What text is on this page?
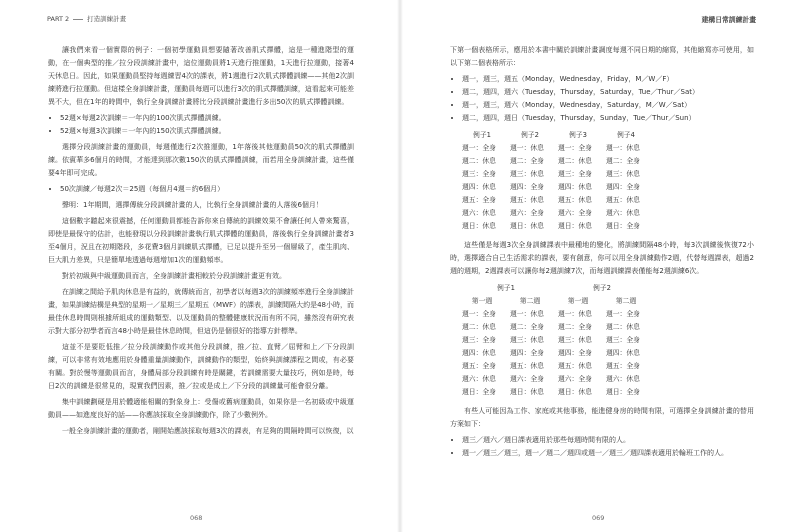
PART 2	打造訓練計畫

讓我們來看一個實際的例子：一個初學運動員想要隨著改善肌式擇體，這是一種進階型的運動，在一個典型的推／拉分段訓練計畫中，這位運動員將1天進行推運動，1天進行拉運動，接著4天休息日。因此，如果運動員堅持每週練習4次的課表，將1週進行2次肌式擇體訓練——其他2次訓練將進行拉運動。但這樣全身訓練計畫，運動員每週可以進行3次的肌式擇體訓練，這看起來可能差異不大，但在1年的時間中，執行全身訓練計畫將比分段訓練計畫進行多出50次的肌式擇體訓練。

• 52週×每週2次訓練＝一年內的100次肌式擇體訓練。
• 52週×每週3次訓練＝一年內的150次肌式擇體訓練。

選擇分段訓練計畫的運動員，每週僅進行2次推運動，1年落後其他運動員50次的肌式擇體訓練。依賓華多6個月的時間，才能達到那次數150次的肌式擇體訓練，而若用全身訓練計畫，這些僅要4年即可完成。

• 50次訓練／每週2次＝25週（每個月4週＝約6個月）

聲明：1年期間，選擇傳統分段訓練計畫的人，比執行全身訓練計畫的人落後6個月！

這個數字聽起來很震撼，任何運動員都能告訴你來自傳統的訓練效果不會讓任何人帶來驚喜，即使是最保守的估計，也能發現以分段訓練計畫執行肌式擇體的運動員，落後執行全身訓練計畫者3至4個月，況且在初期階段，多花費3個月訓練肌式擇體，已足以提升至另一個層級了，產生肌肉、巨大肌力差異，只是簡單地透過每週增加1次的運動頻率。

對於初級與中級運動員而言，全身訓練計畫相較於分段訓練計畫更有效。

在訓練之間給予肌肉休息是有益的，就傳統而言，初學者以每週3次的訓練頻率進行全身訓練計畫，如果訓練結構是典型的星期一／星期三／星期五（MWF）的課表，訓練間隔大約是48小時，而最佳休息時間則根據所組成的運動類型、以及運動員的整體健康狀況而有所不同，雖然沒有研究表示對大部分初學者而言48小時是最佳休息時間，但這仍是個很好的指導方針標準。

這並不是要貶低推／拉分段訓練動作或其他分段訓練，推／拉、直臂／屈臂和上／下分段訓練，可以非常有效地應用於身體重量訓練動作，訓練動作的類型，始終與訓練課程之間或，有必要有關。對於慢等運動員而言，身體局部分段訓練有時是關鍵，若訓練需要大量技巧，例如是時，每日2次的訓練是很常見的，現實我們因素，推／拉或是成上／下分段的訓練量可能會很分離。

集中訓練劃硬是用於體適能相關的對象身上：受傷或舊病運動員，如果你是一名初級或中級運動員——如進度良好的話——你應該採取全身訓練動作，除了少數例外。

一般全身訓練計畫的運動者，剛開始應該採取每週3次的課表，有足夠的間隔時間可以恢復，以

068
建構日常訓練計畫

下第一個表格所示，應用於本書中關於訓練計畫調度每週不同日期的縮寫，其他縮寫亦可使用，如以下第二個表格所示：

• 週一，週三，週五（Monday，Wednesday，Friday，M／W／F）
• 週二，週四，週六（Tuesday，Thursday，Saturday，Tue／Thur／Sat）
• 週一，週三，週六（Monday，Wednesday，Saturday，M／W／Sat）
• 週二，週四，週日（Tuesday，Thursday，Sunday，Tue／Thur／Sun）
例子1	例子2	例子3	例子4
週一：全身	週一：休息	週一：全身	週一：休息
週二：休息	週二：全身	週二：休息	週二：全身
週三：全身	週三：休息	週三：全身	週三：休息
週四：休息	週四：全身	週四：休息	週四：全身
週五：全身	週五：休息	週五：休息	週五：休息
週六：休息	週六：全身	週六：全身	週六：休息
週日：休息	週日：休息	週日：休息	週日：全身

這些僅是每週3次全身訓練課表中最種地的變化，將訓練間隔48小時，每3次訓練後恢復72小時，選擇適合自己生活需求的課表，要有創意，你可以用全身訓練動作2週，代替每週課表，超過2週的週期，2週課表可以讓你每2週訓練7次，而每週訓練課表僅能每2週訓練6次。

例子1		例子2	
第一週	第二週	第一週	第二週
週一：全身	週一：休息	週一：休息	週一：全身
週二：休息	週二：全身	週二：全身	週二：休息
週三：全身	週三：休息	週三：休息	週三：全身
週四：休息	週四：全身	週四：全身	週四：休息
週五：全身	週五：休息	週五：休息	週五：全身
週六：休息	週六：全身	週六：全身	週六：休息
週日：全身	週日：休息	週日：休息	週日：全身

有些人可能因為工作、家庭或其他事務，能進健身房的時間有限，可選擇全身訓練計畫的替用方案如下：

• 週三／週六／週日課表適用於那些每週時間有限的人。
• 週一／週三／週三，週一／週二／週四或週一／週三／週四課表適用於輪班工作的人。
069
